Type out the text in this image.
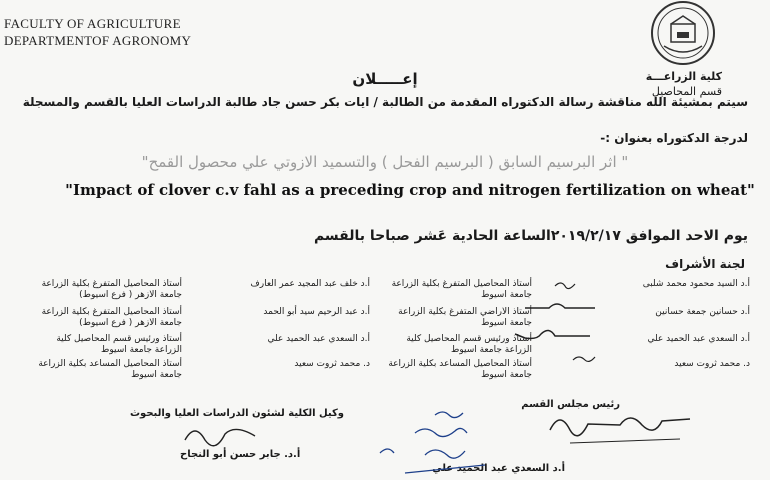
FACULTY OF AGRICULTURE
DEPARTMENTOF AGRONOMY
كلية الزراعـــة
قسم المحاصيل
إعـــــلان
سيتم بمشيئة الله مناقشة رسالة الدكتوراه المقدمة من الطالبة / ايات بكر حسن جاد طالبة الدراسات العليا بالقسم والمسجلة
لدرجة الدكتوراه بعنوان :-
" اثر البرسيم السابق ( البرسيم الفحل ) والتسميد الازوتي علي محصول القمح"
"Impact of clover c.v fahl as a preceding crop and nitrogen fertilization on wheat"
يوم الاحد الموافق ٢٠١٩/٢/١٧الساعة الحادية عَشر صباحا بالقسم
لجنة الأشراف
أ.د السيد محمود محمد شلبى
أستاذ المحاصيل المتفرغ بكلية الزراعة جامعة اسيوط
أ.د حسانين جمعة حسانين
أستاذ الاراضي المتفرغ بكلية الزراعة جامعة اسيوط
أ.د السعدي عبد الحميد علي
أستاذ ورئيس قسم المحاصيل كلية الزراعة جامعة اسيوط
د. محمد ثروت سعيد
أستاذ المحاصيل المساعد بكلية الزراعة جامعة اسيوط
أ.د خلف عبد المجيد عمر العارف
أستاذ المحاصيل المتفرغ بكلية الزراعة جامعة الازهر ( فرع اسيوط)
أ.د عبد الرحيم سيد أبو الحمد
أستاذ المحاصيل المتفرغ بكلية الزراعة جامعة الازهر ( فرع اسيوط)
أ.د السعدي عبد الحميد علي
أستاذ ورئيس قسم المحاصيل كلية الزراعة جامعة اسيوط
د. محمد ثروت سعيد
أستاذ المحاصيل المساعد بكلية الزراعة جامعة اسيوط
رئيس مجلس القسم
أ.د السعدي عبد الحميد علي
وكيل الكلية لشئون الدراسات العليا والبحوث
أ.د. جابر حسن أبو النجاح
